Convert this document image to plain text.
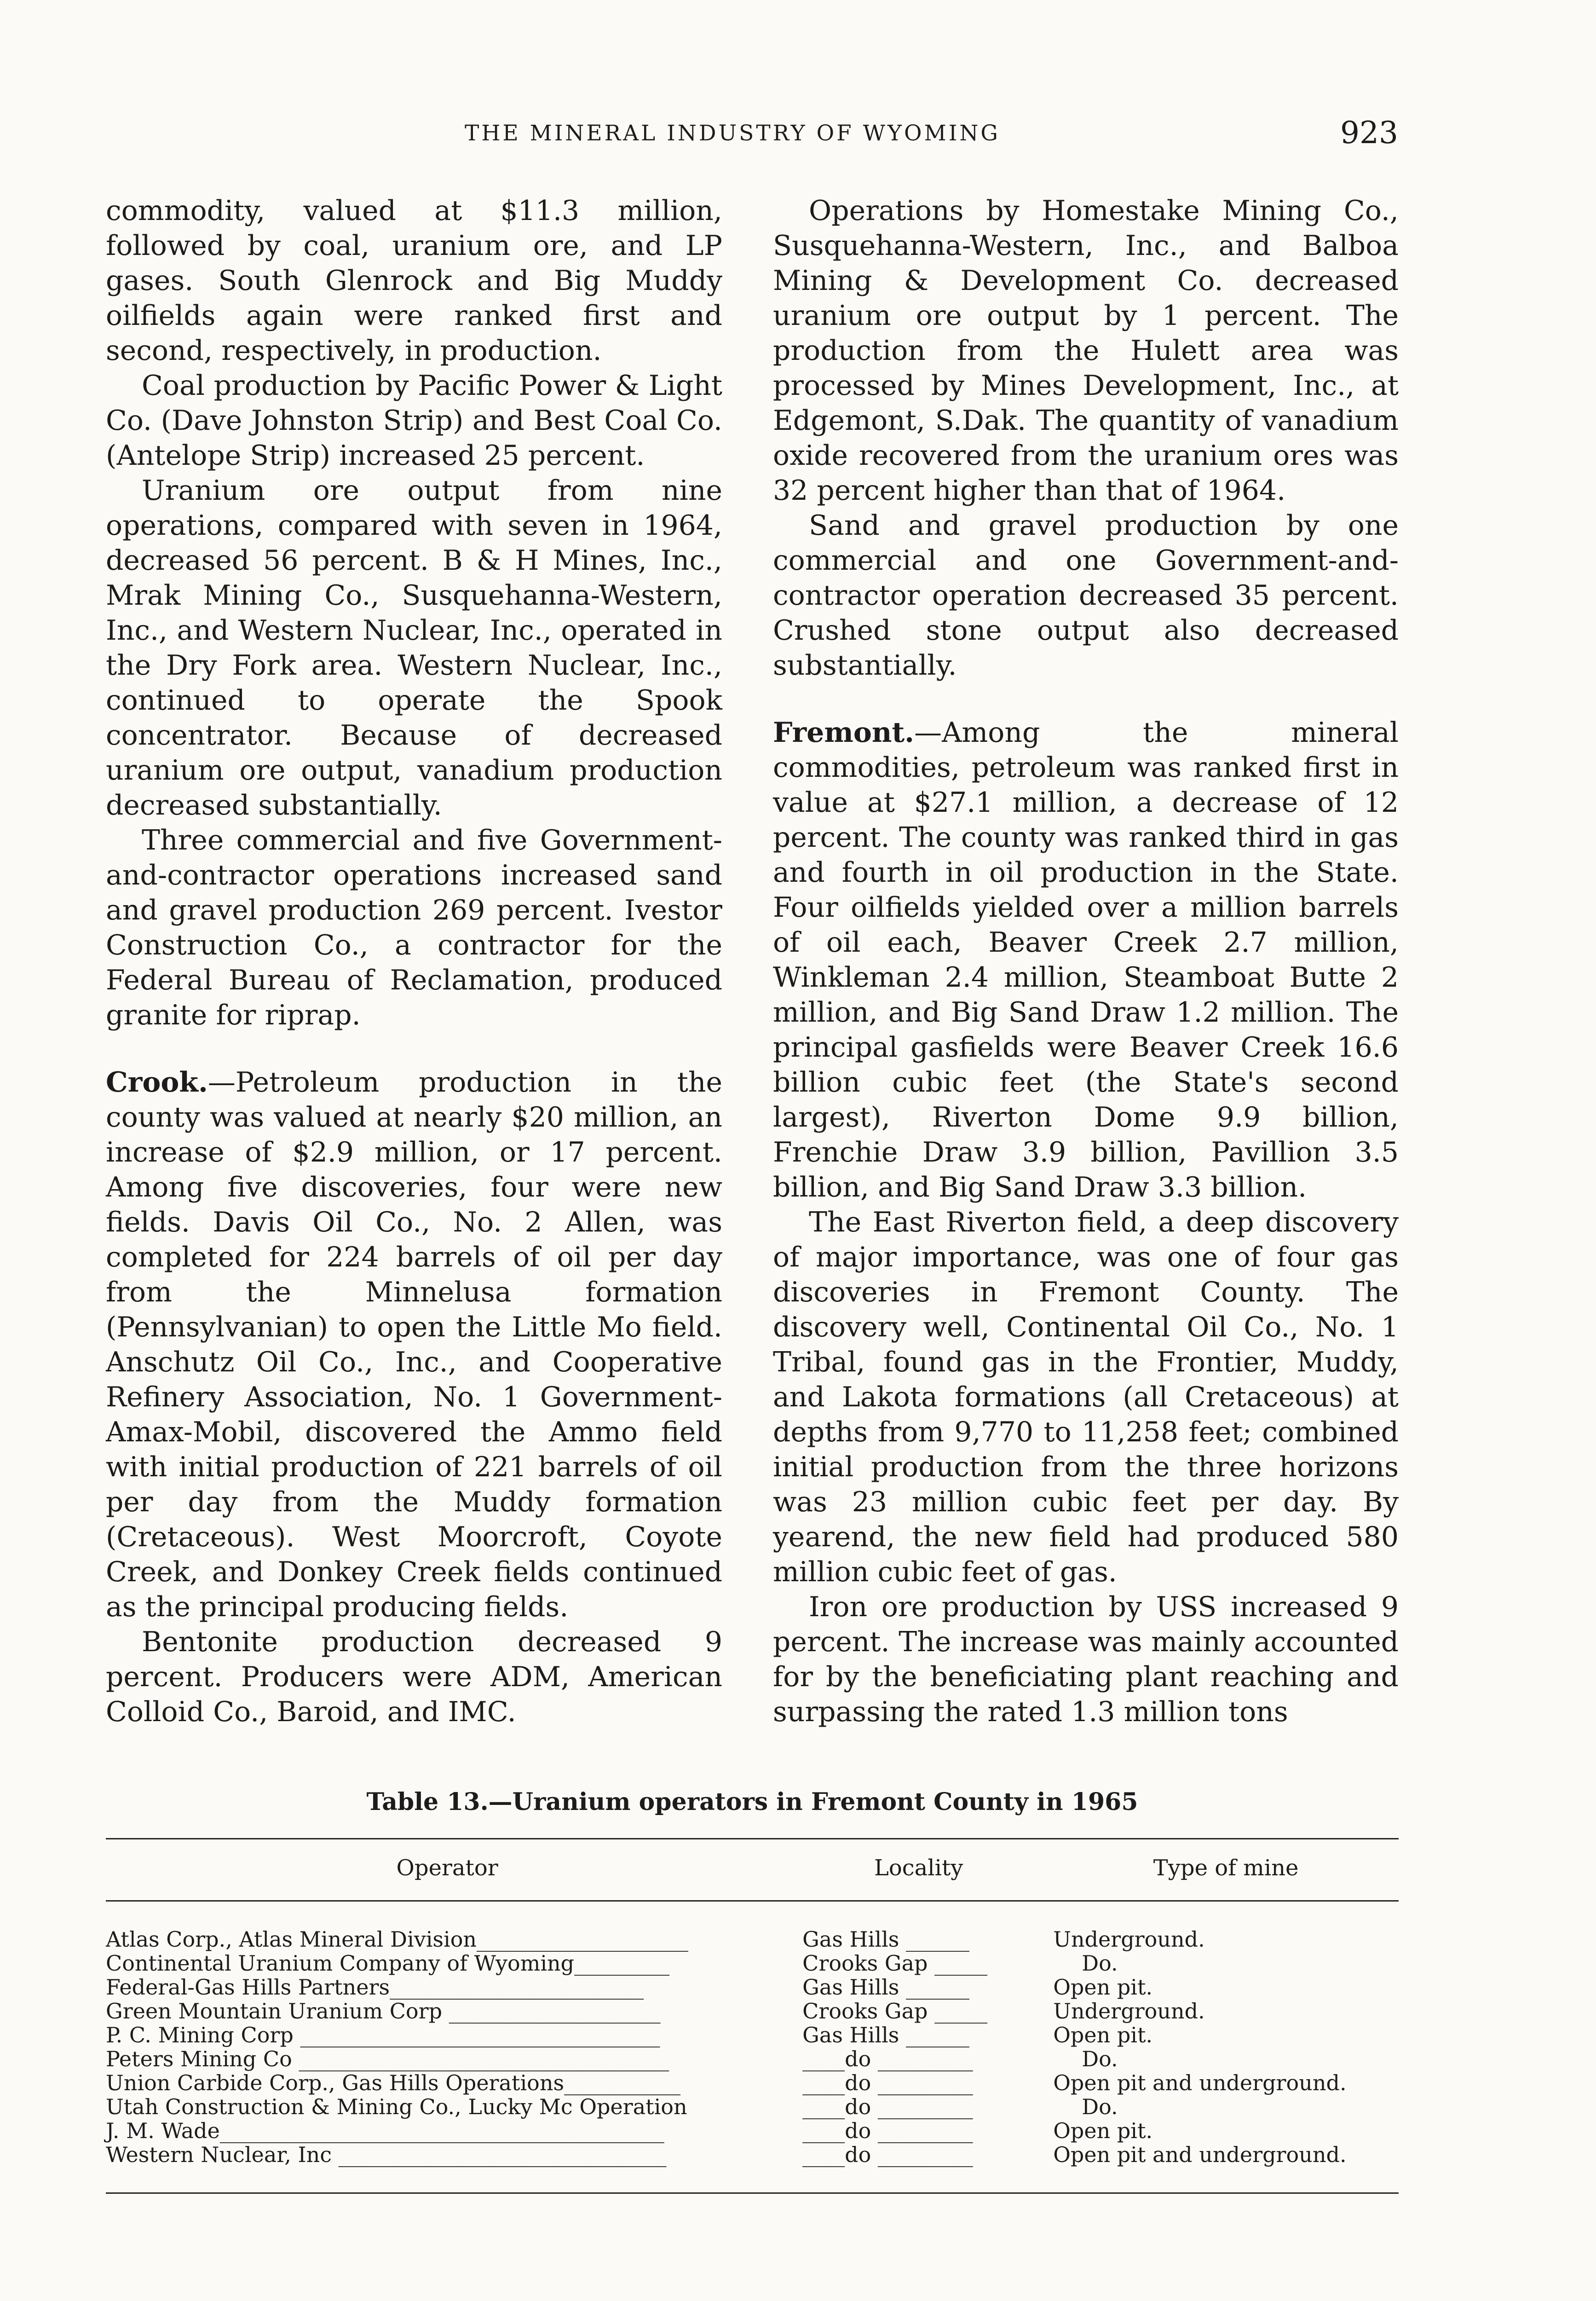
THE MINERAL INDUSTRY OF WYOMING	923

commodity, valued at $11.3 million, followed by coal, uranium ore, and LP gases. South Glenrock and Big Muddy oilfields again were ranked first and second, respectively, in production.

Coal production by Pacific Power & Light Co. (Dave Johnston Strip) and Best Coal Co. (Antelope Strip) increased 25 percent.

Uranium ore output from nine operations, compared with seven in 1964, decreased 56 percent. B & H Mines, Inc., Mrak Mining Co., Susquehanna-Western, Inc., and Western Nuclear, Inc., operated in the Dry Fork area. Western Nuclear, Inc., continued to operate the Spook concentrator. Because of decreased uranium ore output, vanadium production decreased substantially.

Three commercial and five Government-and-contractor operations increased sand and gravel production 269 percent. Ivestor Construction Co., a contractor for the Federal Bureau of Reclamation, produced granite for riprap.

Crook.—Petroleum production in the county was valued at nearly $20 million, an increase of $2.9 million, or 17 percent. Among five discoveries, four were new fields. Davis Oil Co., No. 2 Allen, was completed for 224 barrels of oil per day from the Minnelusa formation (Pennsylvanian) to open the Little Mo field. Anschutz Oil Co., Inc., and Cooperative Refinery Association, No. 1 Government-Amax-Mobil, discovered the Ammo field with initial production of 221 barrels of oil per day from the Muddy formation (Cretaceous). West Moorcroft, Coyote Creek, and Donkey Creek fields continued as the principal producing fields.

Bentonite production decreased 9 percent. Producers were ADM, American Colloid Co., Baroid, and IMC.

Operations by Homestake Mining Co., Susquehanna-Western, Inc., and Balboa Mining & Development Co. decreased uranium ore output by 1 percent. The production from the Hulett area was processed by Mines Development, Inc., at Edgemont, S.Dak. The quantity of vanadium oxide recovered from the uranium ores was 32 percent higher than that of 1964.

Sand and gravel production by one commercial and one Government-and-contractor operation decreased 35 percent. Crushed stone output also decreased substantially.

Fremont.—Among the mineral commodities, petroleum was ranked first in value at $27.1 million, a decrease of 12 percent. The county was ranked third in gas and fourth in oil production in the State. Four oilfields yielded over a million barrels of oil each, Beaver Creek 2.7 million, Winkleman 2.4 million, Steamboat Butte 2 million, and Big Sand Draw 1.2 million. The principal gasfields were Beaver Creek 16.6 billion cubic feet (the State's second largest), Riverton Dome 9.9 billion, Frenchie Draw 3.9 billion, Pavillion 3.5 billion, and Big Sand Draw 3.3 billion.

The East Riverton field, a deep discovery of major importance, was one of four gas discoveries in Fremont County. The discovery well, Continental Oil Co., No. 1 Tribal, found gas in the Frontier, Muddy, and Lakota formations (all Cretaceous) at depths from 9,770 to 11,258 feet; combined initial production from the three horizons was 23 million cubic feet per day. By yearend, the new field had produced 580 million cubic feet of gas.

Iron ore production by USS increased 9 percent. The increase was mainly accounted for by the beneficiating plant reaching and surpassing the rated 1.3 million tons

Table 13.—Uranium operators in Fremont County in 1965
Operator	Locality	Type of mine
Atlas Corp., Atlas Mineral Division____________________	Gas Hills ______	Underground.
Continental Uranium Company of Wyoming_________	Crooks Gap _____	Do.
Federal-Gas Hills Partners________________________	Gas Hills ______	Open pit.
Green Mountain Uranium Corp ____________________	Crooks Gap _____	Underground.
P. C. Mining Corp __________________________________	Gas Hills ______	Open pit.
Peters Mining Co ___________________________________	____do _________	Do.
Union Carbide Corp., Gas Hills Operations___________	____do _________	Open pit and underground.
Utah Construction & Mining Co., Lucky Mc Operation	____do _________	Do.
J. M. Wade__________________________________________	____do _________	Open pit.
Western Nuclear, Inc _______________________________	____do _________	Open pit and underground.
